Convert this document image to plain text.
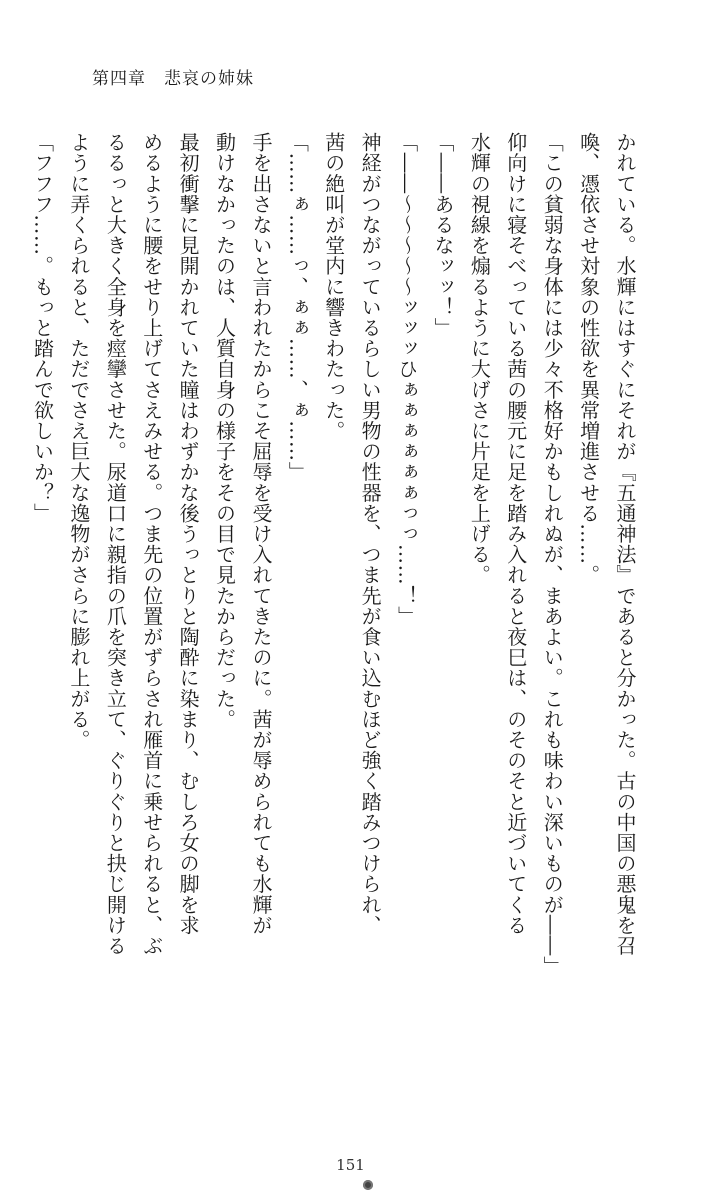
第四章　悲哀の姉妹
かれている。水輝にはすぐにそれが『五通神法』であると分かった。古の中国の悪鬼を召
喚、憑依させ対象の性欲を異常増進させる……。
「この貧弱な身体には少々不格好かもしれぬが、まあよい。これも味わい深いものが――」
仰向けに寝そべっている茜の腰元に足を踏み入れると夜巳は、のそのそと近づいてくる
水輝の視線を煽るように大げさに片足を上げる。
「――あるなッッ！」
「――～～～～～ッッッひぁぁぁぁぁぁっっ……！」
神経がつながっているらしい男物の性器を、つま先が食い込むほど強く踏みつけられ、
茜の絶叫が堂内に響きわたった。
「……ぁ……っ、ぁぁ……、ぁ……」
手を出さないと言われたからこそ屈辱を受け入れてきたのに。茜が辱められても水輝が
動けなかったのは、人質自身の様子をその目で見たからだった。
最初衝撃に見開かれていた瞳はわずかな後うっとりと陶酔に染まり、むしろ女の脚を求
めるように腰をせり上げてさえみせる。つま先の位置がずらされ雁首に乗せられると、ぶ
るるっと大きく全身を痙攣させた。尿道口に親指の爪を突き立て、ぐりぐりと抉じ開ける
ように弄くられると、ただでさえ巨大な逸物がさらに膨れ上がる。
「フフフ……。もっと踏んで欲しいか？」
151
